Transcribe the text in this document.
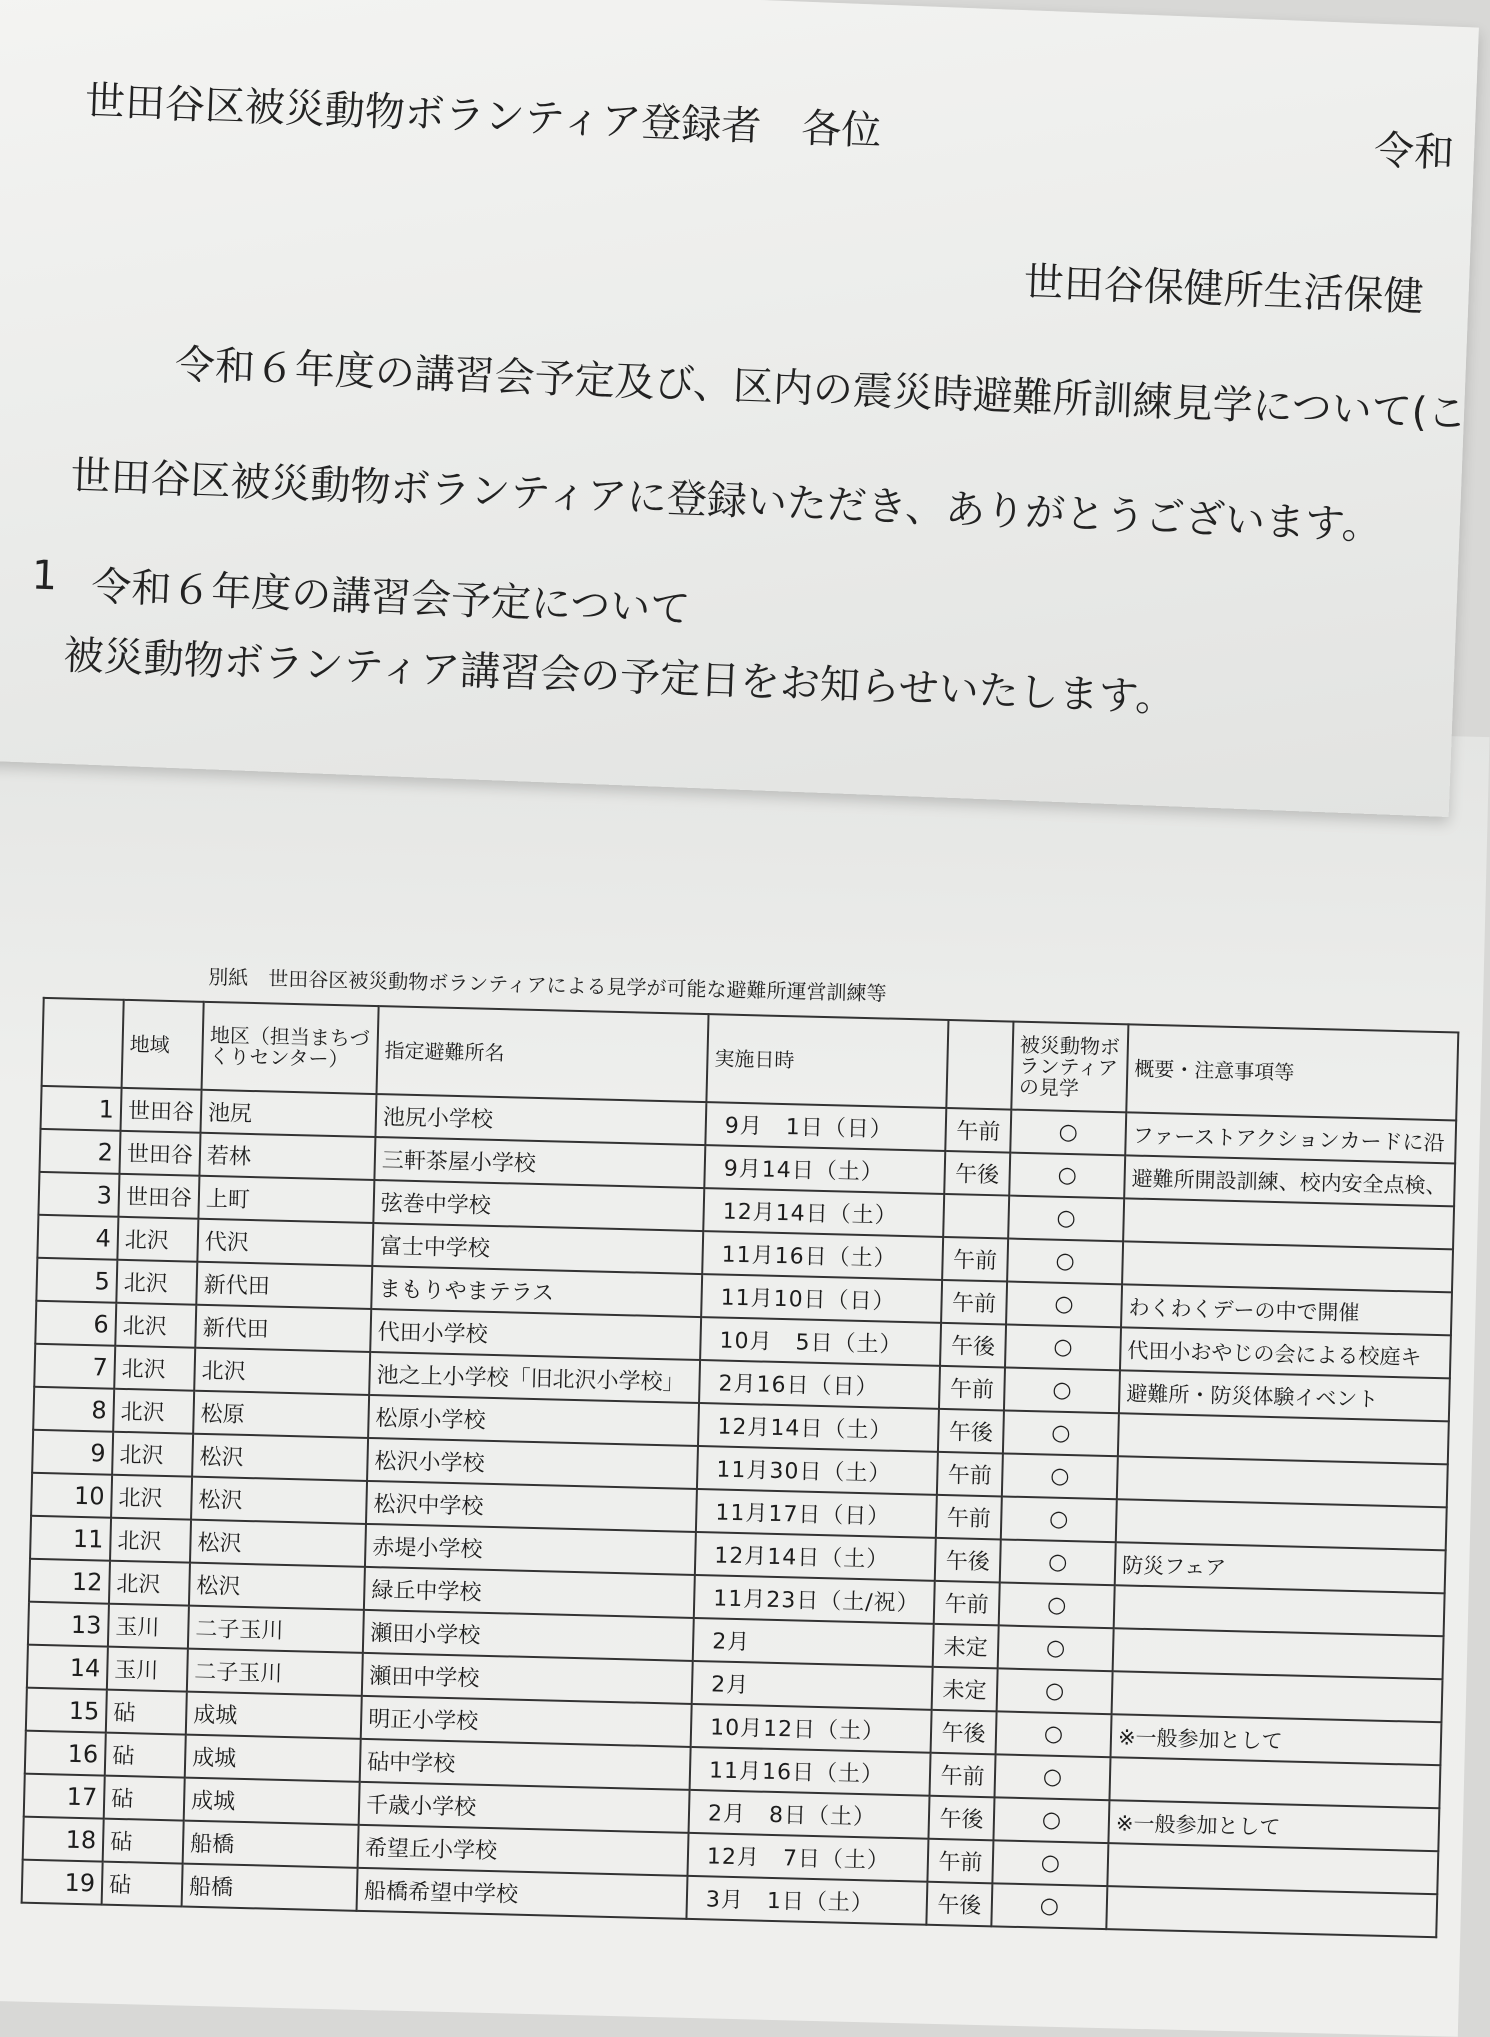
別紙　世田谷区被災動物ボランティアによる見学が可能な避難所運営訓練等
	地域	地区（担当まちづくりセンター）	指定避難所名	実施日時		被災動物ボランティアの見学	概要・注意事項等
1	世田谷	池尻	池尻小学校	9月　1日（日）	午前	○	ファーストアクションカードに沿
2	世田谷	若林	三軒茶屋小学校	9月14日（土）	午後	○	避難所開設訓練、校内安全点検、
3	世田谷	上町	弦巻中学校	12月14日（土）		○	
4	北沢	代沢	富士中学校	11月16日（土）	午前	○	
5	北沢	新代田	まもりやまテラス	11月10日（日）	午前	○	わくわくデーの中で開催
6	北沢	新代田	代田小学校	10月　5日（土）	午後	○	代田小おやじの会による校庭キ
7	北沢	北沢	池之上小学校「旧北沢小学校」	2月16日（日）	午前	○	避難所・防災体験イベント
8	北沢	松原	松原小学校	12月14日（土）	午後	○	
9	北沢	松沢	松沢小学校	11月30日（土）	午前	○	
10	北沢	松沢	松沢中学校	11月17日（日）	午前	○	
11	北沢	松沢	赤堤小学校	12月14日（土）	午後	○	防災フェア
12	北沢	松沢	緑丘中学校	11月23日（土/祝）	午前	○	
13	玉川	二子玉川	瀬田小学校	2月	未定	○	
14	玉川	二子玉川	瀬田中学校	2月	未定	○	
15	砧	成城	明正小学校	10月12日（土）	午後	○	※一般参加として
16	砧	成城	砧中学校	11月16日（土）	午前	○	
17	砧	成城	千歳小学校	2月　8日（土）	午後	○	※一般参加として
18	砧	船橋	希望丘小学校	12月　7日（土）	午前	○	
19	砧	船橋	船橋希望中学校	3月　1日（土）	午後	○	
世田谷区被災動物ボランティア登録者　各位	令和
世田谷保健所生活保健
令和６年度の講習会予定及び、区内の震災時避難所訓練見学について(こ
世田谷区被災動物ボランティアに登録いただき、ありがとうございます。
1 令和６年度の講習会予定について
被災動物ボランティア講習会の予定日をお知らせいたします。
